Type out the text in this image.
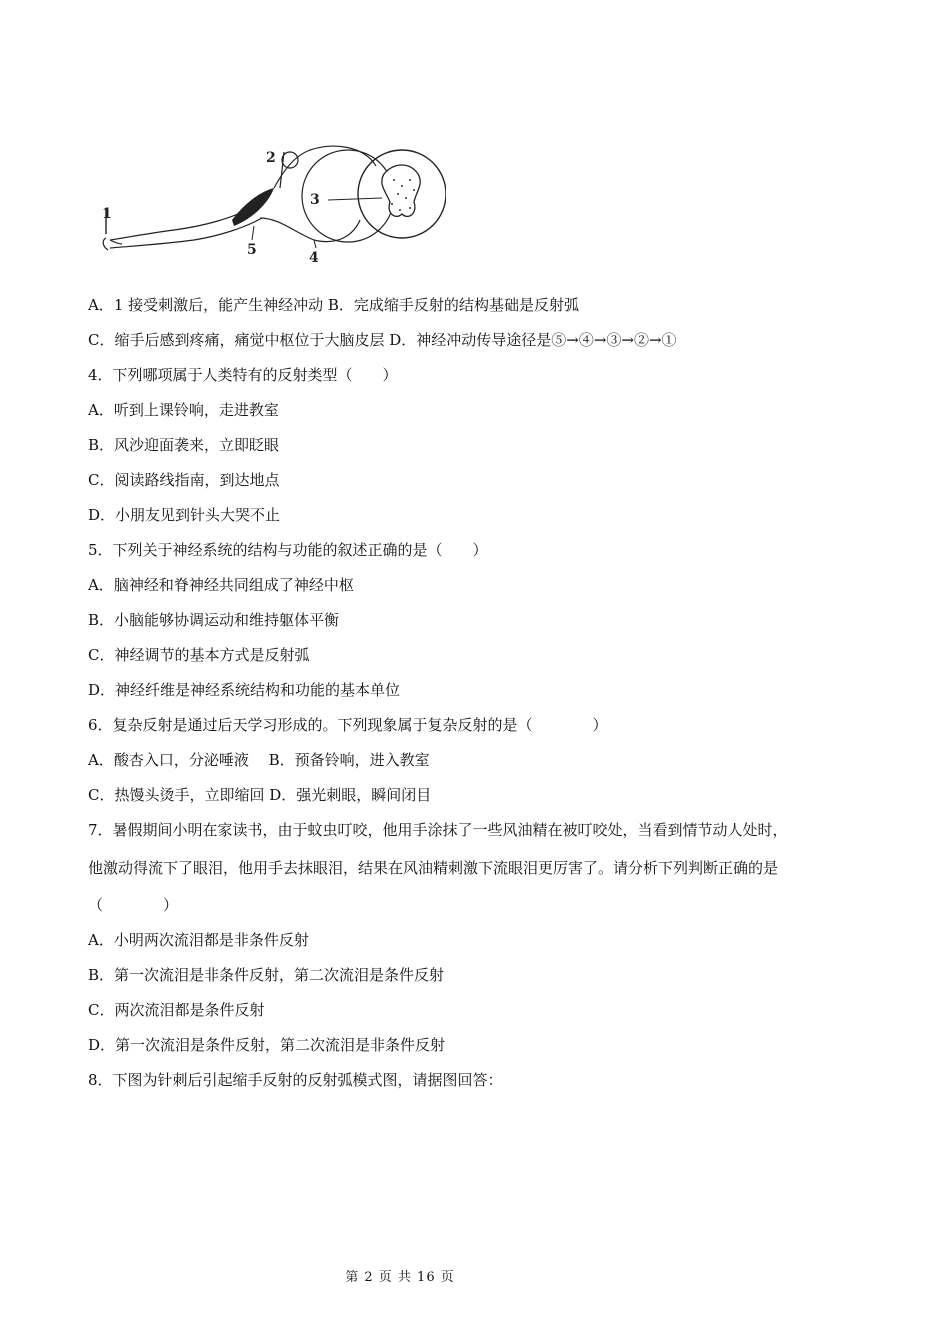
1
2
3
4
5
A．1 接受刺激后，能产生神经冲动 B．完成缩手反射的结构基础是反射弧
C．缩手后感到疼痛，痛觉中枢位于大脑皮层 D．神经冲动传导途径是⑤→④→③→②→①
4．下列哪项属于人类特有的反射类型（　　）
A．听到上课铃响，走进教室
B．风沙迎面袭来，立即眨眼
C．阅读路线指南，到达地点
D．小朋友见到针头大哭不止
5．下列关于神经系统的结构与功能的叙述正确的是（　　）
A．脑神经和脊神经共同组成了神经中枢
B．小脑能够协调运动和维持躯体平衡
C．神经调节的基本方式是反射弧
D．神经纤维是神经系统结构和功能的基本单位
6．复杂反射是通过后天学习形成的。下列现象属于复杂反射的是（　　　　）
A．酸杏入口，分泌唾液　 B．预备铃响，进入教室
C．热馒头烫手，立即缩回 D．强光刺眼，瞬间闭目
7．暑假期间小明在家读书，由于蚊虫叮咬，他用手涂抹了一些风油精在被叮咬处，当看到情节动人处时，
他激动得流下了眼泪，他用手去抹眼泪，结果在风油精刺激下流眼泪更厉害了。请分析下列判断正确的是
（　　　　）
A．小明两次流泪都是非条件反射
B．第一次流泪是非条件反射，第二次流泪是条件反射
C．两次流泪都是条件反射
D．第一次流泪是条件反射，第二次流泪是非条件反射
8．下图为针刺后引起缩手反射的反射弧模式图，请据图回答：
第 2 页 共 16 页
